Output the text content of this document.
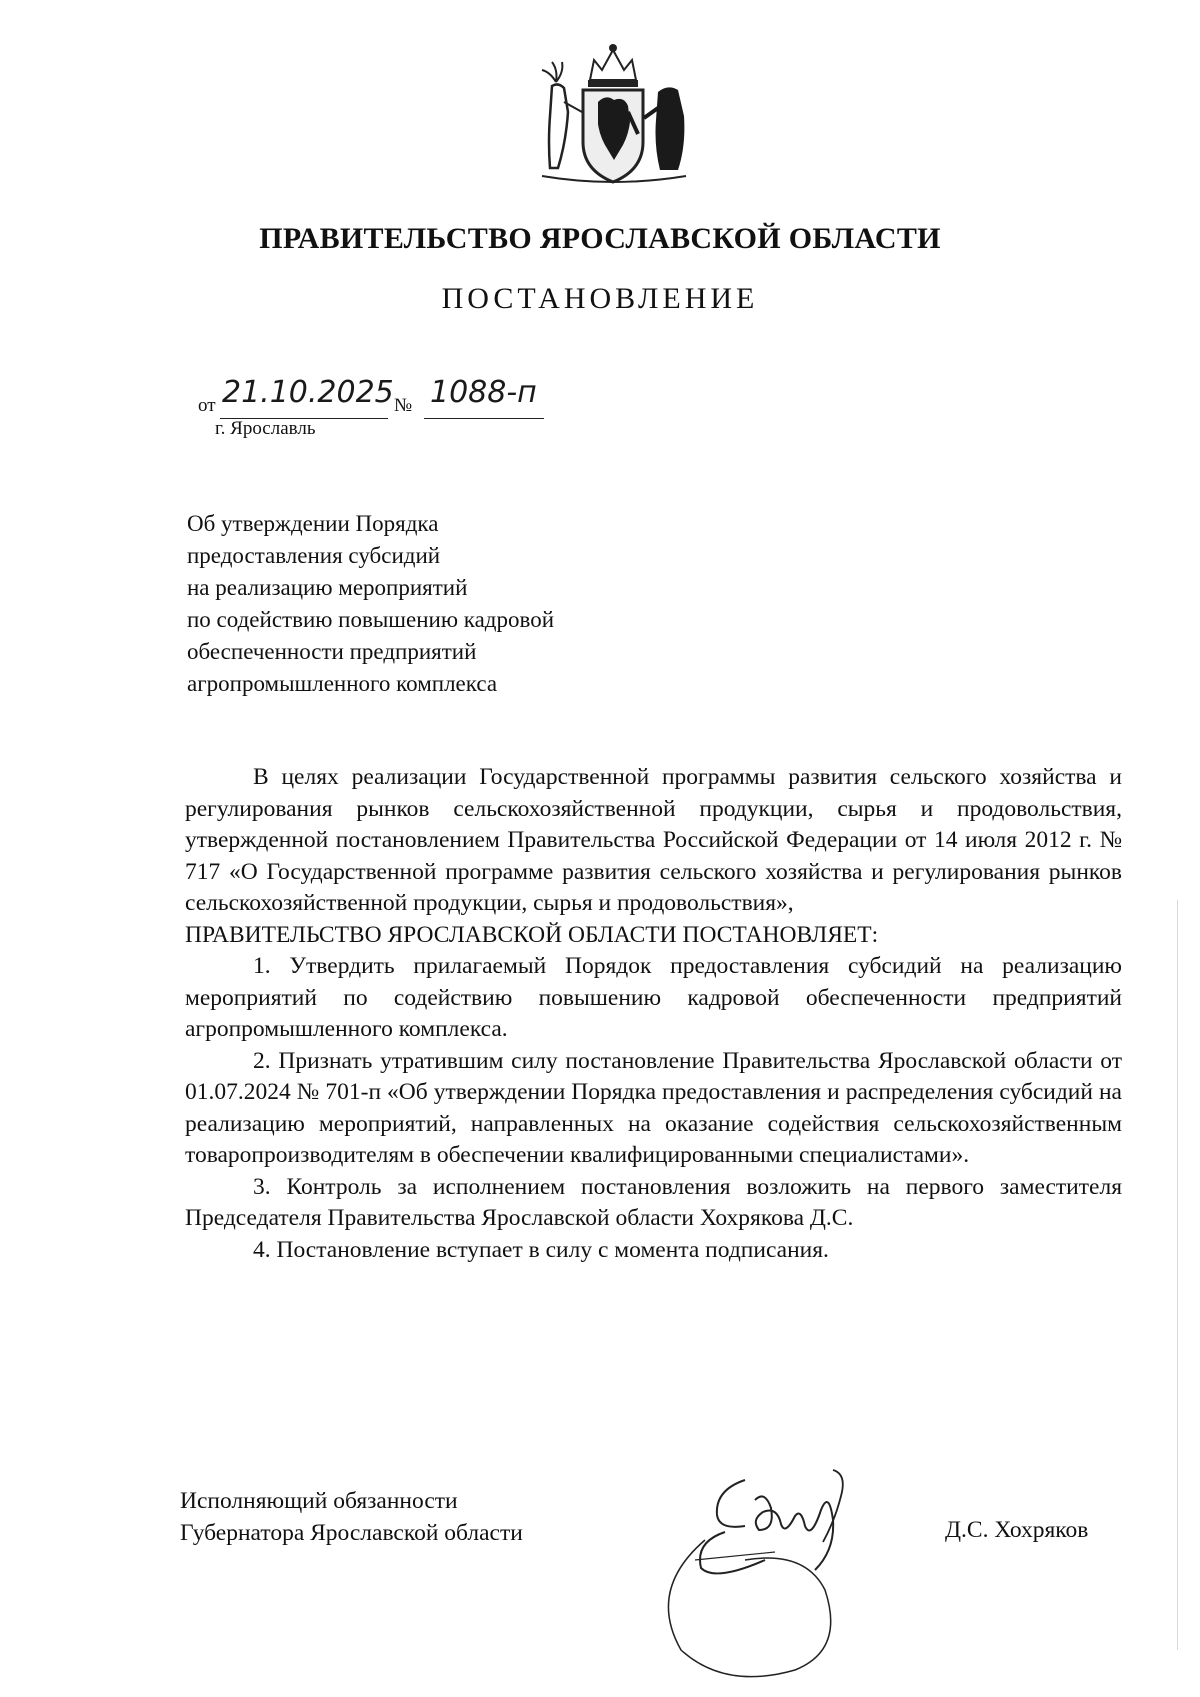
ПРАВИТЕЛЬСТВО ЯРОСЛАВСКОЙ ОБЛАСТИ
ПОСТАНОВЛЕНИЕ
от 21.10.2025 № 1088-п
г. Ярославль
Об утверждении Порядка
предоставления субсидий
на реализацию мероприятий
по содействию повышению кадровой
обеспеченности предприятий
агропромышленного комплекса

В целях реализации Государственной программы развития сельского хозяйства и регулирования рынков сельскохозяйственной продукции, сырья и продовольствия, утвержденной постановлением Правительства Российской Федерации от 14 июля 2012 г. № 717 «О Государственной программе развития сельского хозяйства и регулирования рынков сельскохозяйственной продукции, сырья и продовольствия»,

ПРАВИТЕЛЬСТВО ЯРОСЛАВСКОЙ ОБЛАСТИ ПОСТАНОВЛЯЕТ:

1. Утвердить прилагаемый Порядок предоставления субсидий на реализацию мероприятий по содействию повышению кадровой обеспеченности предприятий агропромышленного комплекса.

2. Признать утратившим силу постановление Правительства Ярославской области от 01.07.2024 № 701-п «Об утверждении Порядка предоставления и распределения субсидий на реализацию мероприятий, направленных на оказание содействия сельскохозяйственным товаропроизводителям в обеспечении квалифицированными специалистами».

3. Контроль за исполнением постановления возложить на первого заместителя Председателя Правительства Ярославской области Хохрякова Д.С.

4. Постановление вступает в силу с момента подписания.

Исполняющий обязанности
Губернатора Ярославской области	Д.С. Хохряков
